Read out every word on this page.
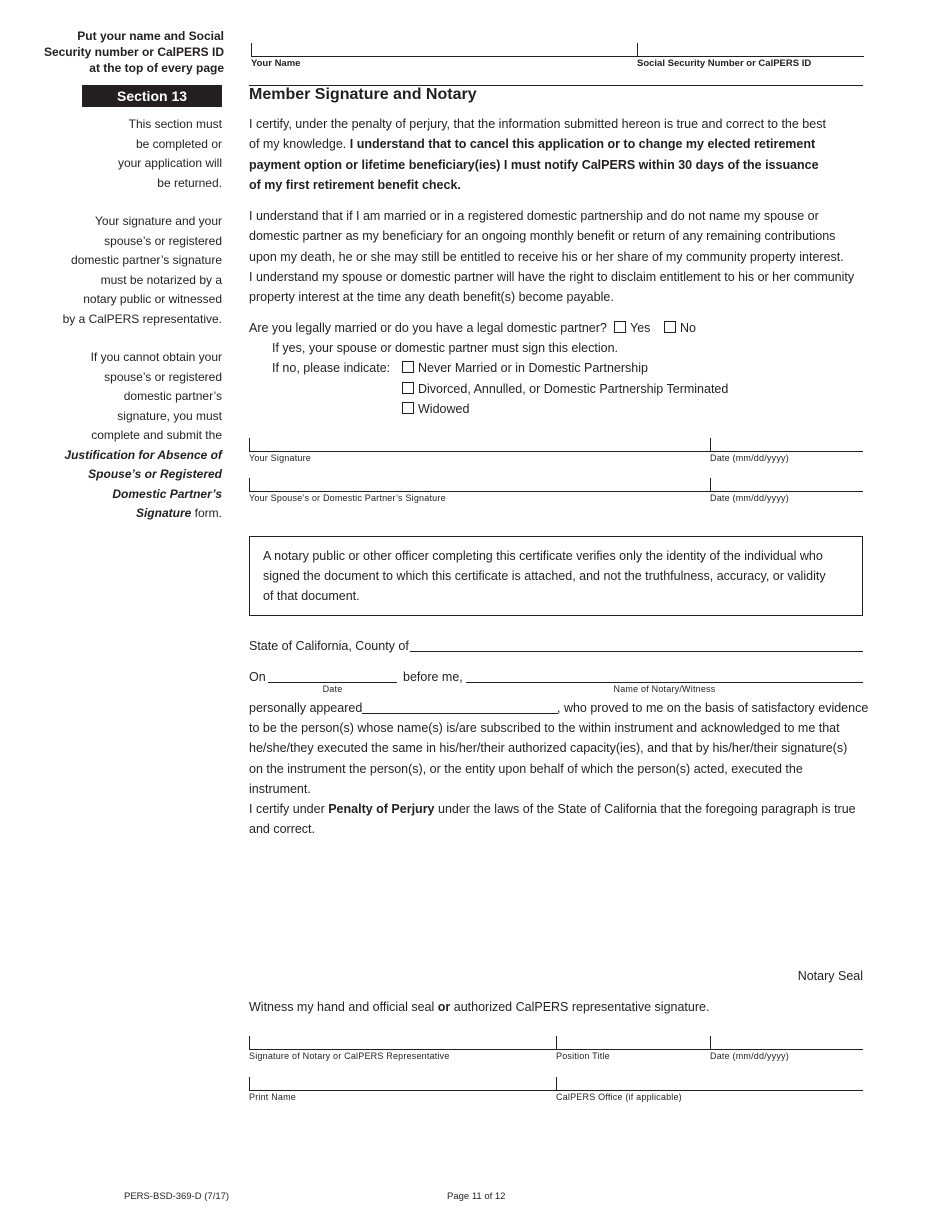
Put your name and Social
Security number or CalPERS ID
at the top of every page	Your Name	Social Security Number or CalPERS ID
Section 13	Member Signature and Notary
This section must
be completed or
your application will
be returned.
Your signature and your
spouse’s or registered
domestic partner’s signature
must be notarized by a
notary public or witnessed
by a CalPERS representative.
If you cannot obtain your
spouse’s or registered
domestic partner’s
signature, you must
complete and submit the
Justification for Absence of
Spouse’s or Registered
Domestic Partner’s
Signature form.
I certify, under the penalty of perjury, that the information submitted hereon is true and correct to the best
of my knowledge. I understand that to cancel this application or to change my elected retirement
payment option or lifetime beneficiary(ies) I must notify CalPERS within 30 days of the issuance
of my first retirement benefit check.
I understand that if I am married or in a registered domestic partnership and do not name my spouse or
domestic partner as my beneficiary for an ongoing monthly benefit or return of any remaining contributions
upon my death, he or she may still be entitled to receive his or her share of my community property interest.
I understand my spouse or domestic partner will have the right to disclaim entitlement to his or her community
property interest at the time any death benefit(s) become payable.
Are you legally married or do you have a legal domestic partner?	Yes	No
If yes, your spouse or domestic partner must sign this election.
If no, please indicate:	Never Married or in Domestic Partnership
Divorced, Annulled, or Domestic Partnership Terminated
Widowed
Your Signature	Date (mm/dd/yyyy)
Your Spouse’s or Domestic Partner’s Signature	Date (mm/dd/yyyy)
A notary public or other officer completing this certificate verifies only the identity of the individual who
signed the document to which this certificate is attached, and not the truthfulness, accuracy, or validity
of that document.
State of California, County of
On	before me,
Date	Name of Notary/Witness
personally appeared	, who proved to me on the basis of satisfactory evidence
to be the person(s) whose name(s) is/are subscribed to the within instrument and acknowledged to me that
he/she/they executed the same in his/her/their authorized capacity(ies), and that by his/her/their signature(s)
on the instrument the person(s), or the entity upon behalf of which the person(s) acted, executed the instrument.
I certify under Penalty of Perjury under the laws of the State of California that the foregoing paragraph is true
and correct.
Notary Seal
Witness my hand and official seal or authorized CalPERS representative signature.
Signature of Notary or CalPERS Representative	Position Title	Date (mm/dd/yyyy)
Print Name	CalPERS Office (if applicable)
PERS-BSD-369-D (7/17)	Page 11 of 12
